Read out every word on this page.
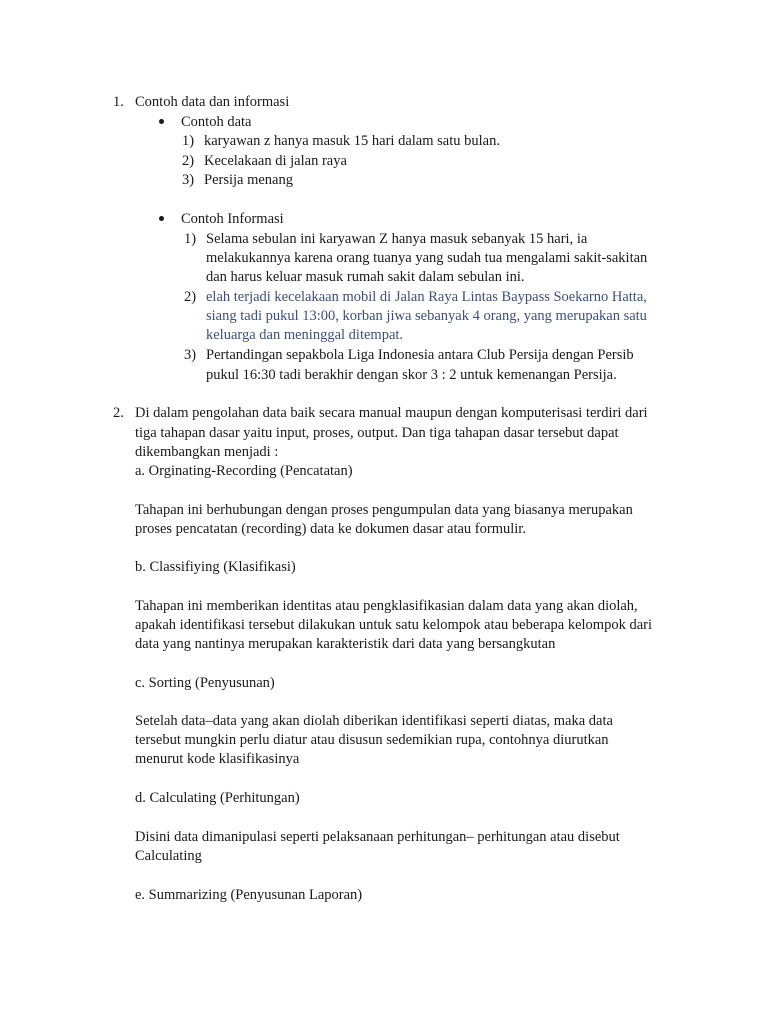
1. Contoh data dan informasi
Contoh data
1) karyawan z hanya masuk 15 hari dalam satu bulan.
2) Kecelakaan di jalan raya
3) Persija menang
Contoh Informasi
1) Selama sebulan ini karyawan Z hanya masuk sebanyak 15 hari, ia
melakukannya karena orang tuanya yang sudah tua mengalami sakit-sakitan
dan harus keluar masuk rumah sakit dalam sebulan ini.
2) elah terjadi kecelakaan mobil di Jalan Raya Lintas Baypass Soekarno Hatta,
siang tadi pukul 13:00, korban jiwa sebanyak 4 orang, yang merupakan satu
keluarga dan meninggal ditempat.
3) Pertandingan sepakbola Liga Indonesia antara Club Persija dengan Persib
pukul 16:30 tadi berakhir dengan skor 3 : 2 untuk kemenangan Persija.
2. Di dalam pengolahan data baik secara manual maupun dengan komputerisasi terdiri dari
tiga tahapan dasar yaitu input, proses, output. Dan tiga tahapan dasar tersebut dapat
dikembangkan menjadi :
a. Orginating-Recording (Pencatatan)
Tahapan ini berhubungan dengan proses pengumpulan data yang biasanya merupakan
proses pencatatan (recording) data ke dokumen dasar atau formulir.
b. Classifiying (Klasifikasi)
Tahapan ini memberikan identitas atau pengklasifikasian dalam data yang akan diolah,
apakah identifikasi tersebut dilakukan untuk satu kelompok atau beberapa kelompok dari
data yang nantinya merupakan karakteristik dari data yang bersangkutan
c. Sorting (Penyusunan)
Setelah data–data yang akan diolah diberikan identifikasi seperti diatas, maka data
tersebut mungkin perlu diatur atau disusun sedemikian rupa, contohnya diurutkan
menurut kode klasifikasinya
d. Calculating (Perhitungan)
Disini data dimanipulasi seperti pelaksanaan perhitungan– perhitungan atau disebut
Calculating
e. Summarizing (Penyusunan Laporan)
